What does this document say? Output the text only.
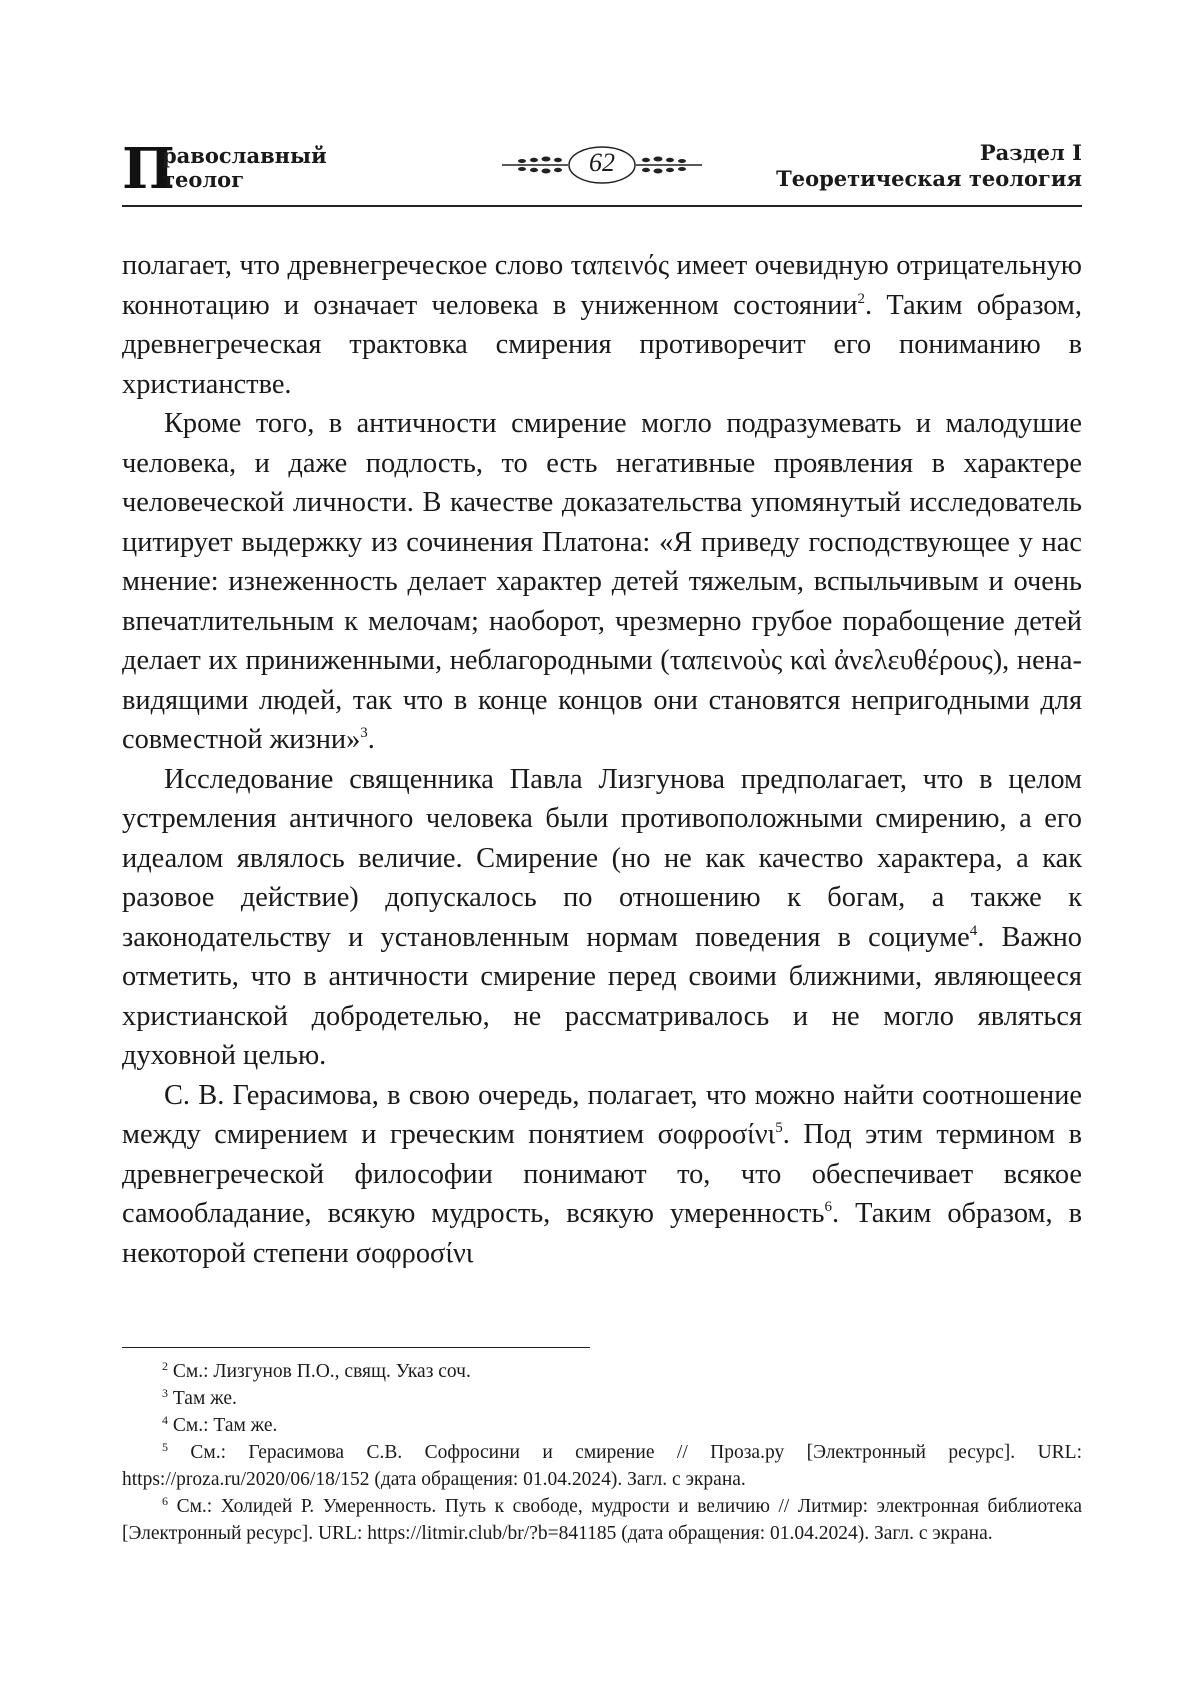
П
равославный
теолог
62	Раздел I
Теоретическая теология

полагает, что древнегреческое слово ταπεινός имеет очевидную отрицательную коннотацию и означает человека в униженном состоянии$^2$. Таким образом, древнегреческая трактовка смирения противоречит его пониманию в христианстве.

Кроме того, в античности смирение могло подразумевать и малодушие человека, и даже подлость, то есть негативные проявления в характере человеческой личности. В качестве доказательства упомянутый исследователь цитирует выдержку из сочинения Платона: «Я приведу господствующее у нас мнение: изнеженность делает характер детей тяжелым, вспыльчивым и очень впечатлительным к мелочам; наоборот, чрезмерно грубое порабощение детей делает их приниженными, неблагородными (ταπεινοὺς καὶ ἀνελευθέρους), ненавидящими людей, так что в конце концов они становятся непригодными для совместной жизни»$^3$.

Исследование священника Павла Лизгунова предполагает, что в целом устремления античного человека были противоположными смирению, а его идеалом являлось величие. Смирение (но не как качество характера, а как разовое действие) допускалось по отношению к богам, а также к законодательству и установленным нормам поведения в социуме$^4$. Важно отметить, что в античности смирение перед своими ближними, являющееся христианской добродетелью, не рассматривалось и не могло являться духовной целью.

С. В. Герасимова, в свою очередь, полагает, что можно найти соотношение между смирением и греческим понятием σοφροσίνι$^5$. Под этим термином в древнегреческой философии понимают то, что обеспечивает всякое самообладание, всякую мудрость, всякую умеренность$^6$. Таким образом, в некоторой степени σοφροσίνι

$^2$ См.: Лизгунов П.О., свящ. Указ соч.

$^3$ Там же.

$^4$ См.: Там же.

$^5$ См.: Герасимова С.В. Софросини и смирение // Проза.ру [Электронный ресурс]. URL: https://proza.ru/2020/06/18/152 (дата обращения: 01.04.2024). Загл. с экрана.

$^6$ См.: Холидей Р. Умеренность. Путь к свободе, мудрости и величию // Литмир: электронная библиотека [Электронный ресурс]. URL: https://litmir.club/br/?b=841185 (дата обращения: 01.04.2024). Загл. с экрана.
